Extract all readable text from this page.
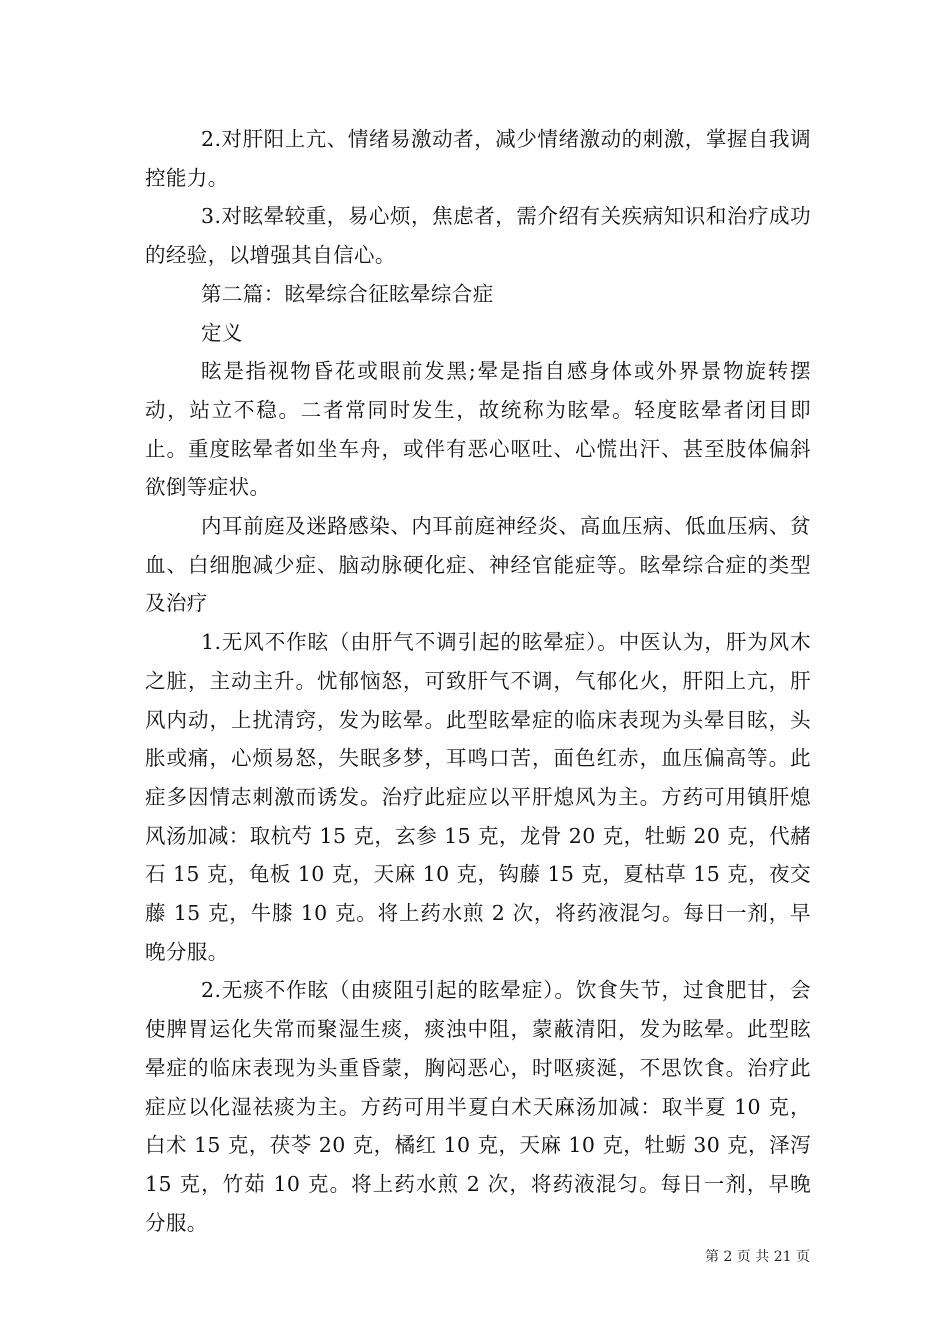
2.对肝阳上亢、情绪易激动者，减少情绪激动的刺激，掌握自我调控能力。

3.对眩晕较重，易心烦，焦虑者，需介绍有关疾病知识和治疗成功的经验，以增强其自信心。

第二篇：眩晕综合征眩晕综合症

定义

眩是指视物昏花或眼前发黑;晕是指自感身体或外界景物旋转摆动，站立不稳。二者常同时发生，故统称为眩晕。轻度眩晕者闭目即止。重度眩晕者如坐车舟，或伴有恶心呕吐、心慌出汗、甚至肢体偏斜欲倒等症状。

内耳前庭及迷路感染、内耳前庭神经炎、高血压病、低血压病、贫血、白细胞减少症、脑动脉硬化症、神经官能症等。眩晕综合症的类型及治疗

1.无风不作眩（由肝气不调引起的眩晕症）。中医认为，肝为风木之脏，主动主升。忧郁恼怒，可致肝气不调，气郁化火，肝阳上亢，肝风内动，上扰清窍，发为眩晕。此型眩晕症的临床表现为头晕目眩，头胀或痛，心烦易怒，失眠多梦，耳鸣口苦，面色红赤，血压偏高等。此症多因情志刺激而诱发。治疗此症应以平肝熄风为主。方药可用镇肝熄风汤加减：取杭芍 15 克，玄参 15 克，龙骨 20 克，牡蛎 20 克，代赭石 15 克，龟板 10 克，天麻 10 克，钩藤 15 克，夏枯草 15 克，夜交藤 15 克，牛膝 10 克。将上药水煎 2 次，将药液混匀。每日一剂，早晚分服。

2.无痰不作眩（由痰阻引起的眩晕症）。饮食失节，过食肥甘，会使脾胃运化失常而聚湿生痰，痰浊中阻，蒙蔽清阳，发为眩晕。此型眩晕症的临床表现为头重昏蒙，胸闷恶心，时呕痰涎，不思饮食。治疗此症应以化湿祛痰为主。方药可用半夏白术天麻汤加减：取半夏 10 克，白术 15 克，茯苓 20 克，橘红 10 克，天麻 10 克，牡蛎 30 克，泽泻 15 克，竹茹 10 克。将上药水煎 2 次，将药液混匀。每日一剂，早晚分服。

第 2 页 共 21 页
